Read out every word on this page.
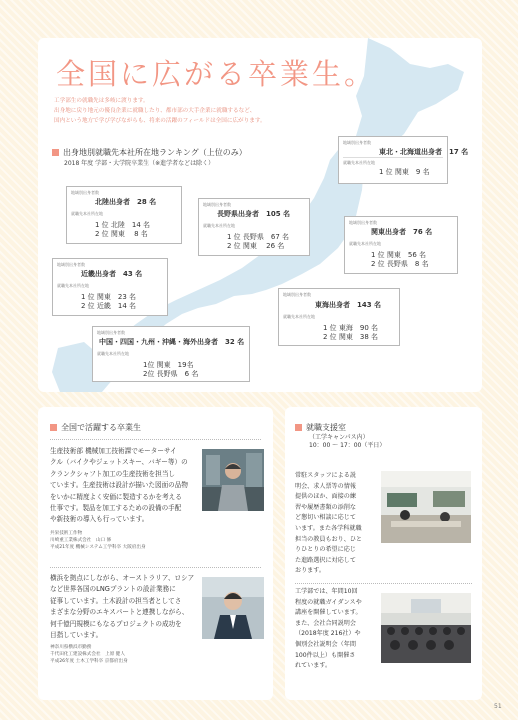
全国に広がる卒業生。
工学部生の就職先は多岐に渡ります。
出身地に戻り地元の優良企業に就職したり、都市部の大手企業に就職するなど、
国内という地方で学び学びながらも、将来の活躍のフィールドは全国に広がります。
出身地別就職先本社所在地ランキング（上位のみ）
2018 年度 学部・大学院卒業生（※進学者などは除く）
地域別出身者数
東北・北海道出身者　17 名
就職先本社所在地
1 位 関東　9 名
地域別出身者数
北陸出身者　28 名
就職先本社所在地
1 位 北陸　14 名
2 位 関東　 8 名
地域別出身者数
長野県出身者　105 名
就職先本社所在地
1 位 長野県　67 名
2 位 関東　 26 名
地域別出身者数
関東出身者　76 名
就職先本社所在地
1 位 関東　56 名
2 位 長野県　8 名
地域別出身者数
近畿出身者　43 名
就職先本社所在地
1 位 関東　23 名
2 位 近畿　14 名
地域別出身者数
東海出身者　143 名
就職先本社所在地
1 位 東海　90 名
2 位 関東　38 名
地域別出身者数
中国・四国・九州・沖縄・海外出身者　32 名
就職先本社所在地
1位 関東　19名
2位 長野県　6 名
全国で活躍する卒業生
生産技術部 機械加工技術課でモーターサイ
クル（バイクやジェットスキー、バギー等）の
クランクシャフト加工の生産技術を担当し
ています。生産技術は設計が描いた図面の品物
をいかに精度よく安価に製造するかを考える
仕事です。製品を加工するための設備の手配
や新技術の導入も行っています。
共栄技術工作物
川崎重工業株式会社　山口 修
平成21年度 機械システム工学科卒 大阪府出身
横浜を拠点にしながら、オーストラリア、ロシア
など世界各国のLNGプラントの設計業務に
従事しています。土木設計の担当者としてさ
まざまな分野のエキスパートと連携しながら、
何千億円規模にもなるプロジェクトの成功を
目指しています。
神奈川県横浜市勤務
千代田化工建設株式会社　上原 健人
平成26年度 土木工学科卒 京都府出身
就職支援室
（工学キャンパス内）
10：00 ～ 17：00（平日）
常駐スタッフによる説
明会、求人票等の情報
提供のほか、面接の練
習や履歴書類の添削な
ど懇切い相談に応じて
います。また各学科就職
担当の教員もおり、ひと
りひとりの希望に応じ
た進路選択に対応して
おります。
工学部では、年間10回
程度の就職ガイダンスや
講座を開催しています。
また、会社合同説明会
（2018年度 216社）や
個別会社説明会（年間
100件以上）も開催さ
れています。
51
